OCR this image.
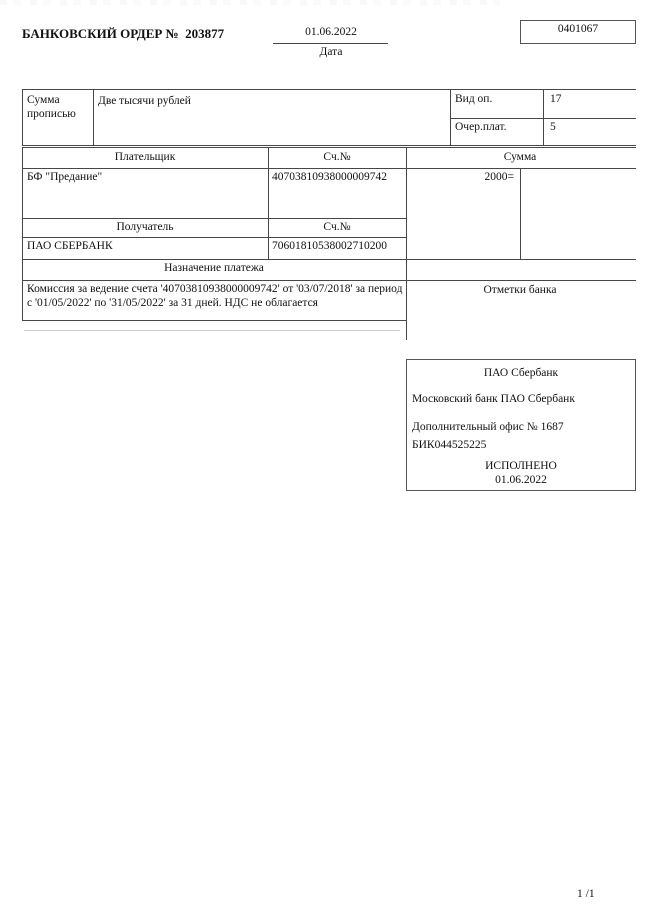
БАНКОВСКИЙ ОРДЕР №  203877	01.06.2022
Дата
0401067
Сумма прописью
Две тысячи рублей	Вид оп.	17
Очер.плат.	5
Плательщик	Сч.№	Сумма
БФ "Предание"	40703810938000009742	2000=
Получатель	Сч.№
ПАО СБЕРБАНК	70601810538002710200
Назначение платежа
Комиссия за ведение счета '40703810938000009742' от '03/07/2018' за период
с '01/05/2022' по '31/05/2022' за 31 дней. НДС не облагается
Отметки банка
ПАО Сбербанк
Московский банк ПАО Сбербанк
Дополнительный офис № 1687
БИК044525225
ИСПОЛНЕНО
01.06.2022
1 /1
